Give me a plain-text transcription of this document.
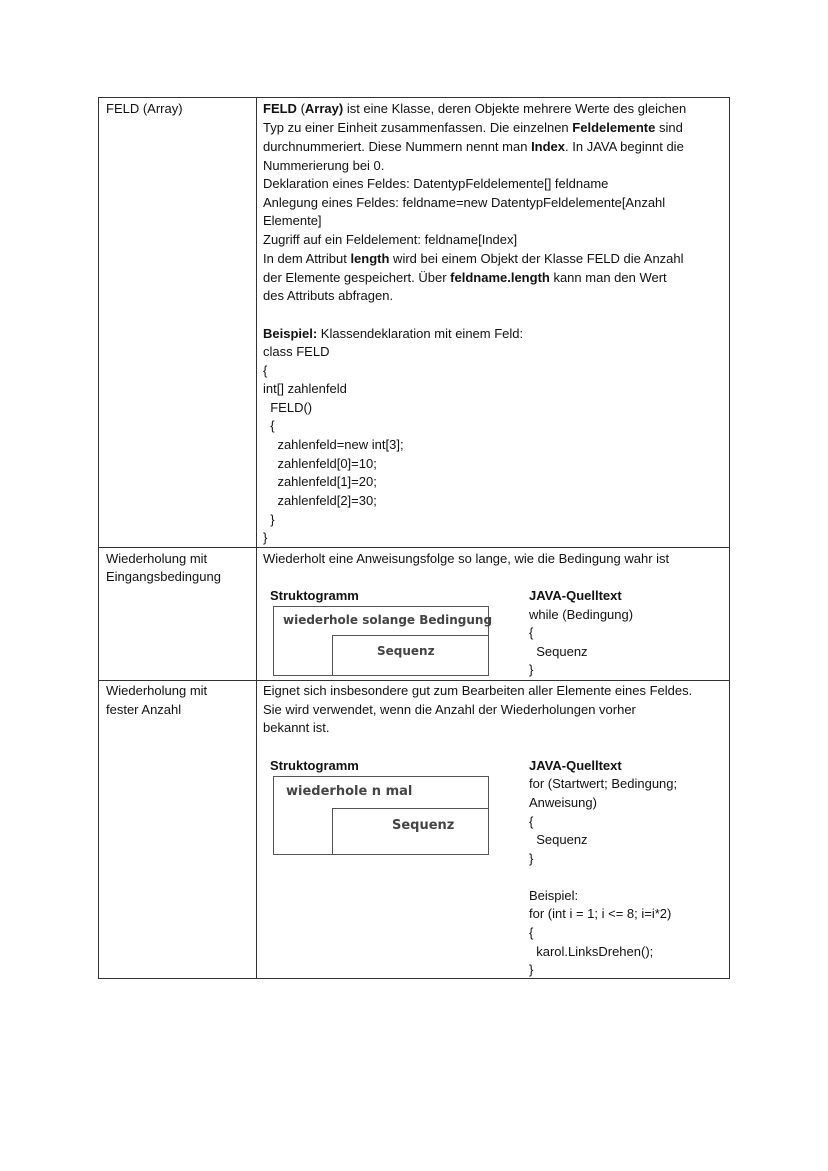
FELD (Array)	FELD (Array) ist eine Klasse, deren Objekte mehrere Werte des gleichen
Typ zu einer Einheit zusammenfassen. Die einzelnen Feldelemente sind
durchnummeriert. Diese Nummern nennt man Index. In JAVA beginnt die
Nummerierung bei 0.
Deklaration eines Feldes: DatentypFeldelemente[] feldname
Anlegung eines Feldes: feldname=new DatentypFeldelemente[Anzahl
Elemente]
Zugriff auf ein Feldelement: feldname[Index]
In dem Attribut length wird bei einem Objekt der Klasse FELD die Anzahl
der Elemente gespeichert. Über feldname.length kann man den Wert
des Attributs abfragen.
Beispiel: Klassendeklaration mit einem Feld:
class FELD
{
int[] zahlenfeld
FELD()
{
zahlenfeld=new int[3];
zahlenfeld[0]=10;
zahlenfeld[1]=20;
zahlenfeld[2]=30;
}
}
Wiederholung mit
Eingangsbedingung
Wiederholt eine Anweisungsfolge so lange, wie die Bedingung wahr ist
Struktogramm
wiederhole solange Bedingung
Sequenz
JAVA-Quelltext
while (Bedingung)
{
Sequenz
}
Wiederholung mit
fester Anzahl
Eignet sich insbesondere gut zum Bearbeiten aller Elemente eines Feldes.
Sie wird verwendet, wenn die Anzahl der Wiederholungen vorher
bekannt ist.
Struktogramm
wiederhole n mal
Sequenz
JAVA-Quelltext
for (Startwert; Bedingung;
Anweisung)
{
Sequenz
}
Beispiel:
for (int i = 1; i <= 8; i=i*2)
{
karol.LinksDrehen();
}
